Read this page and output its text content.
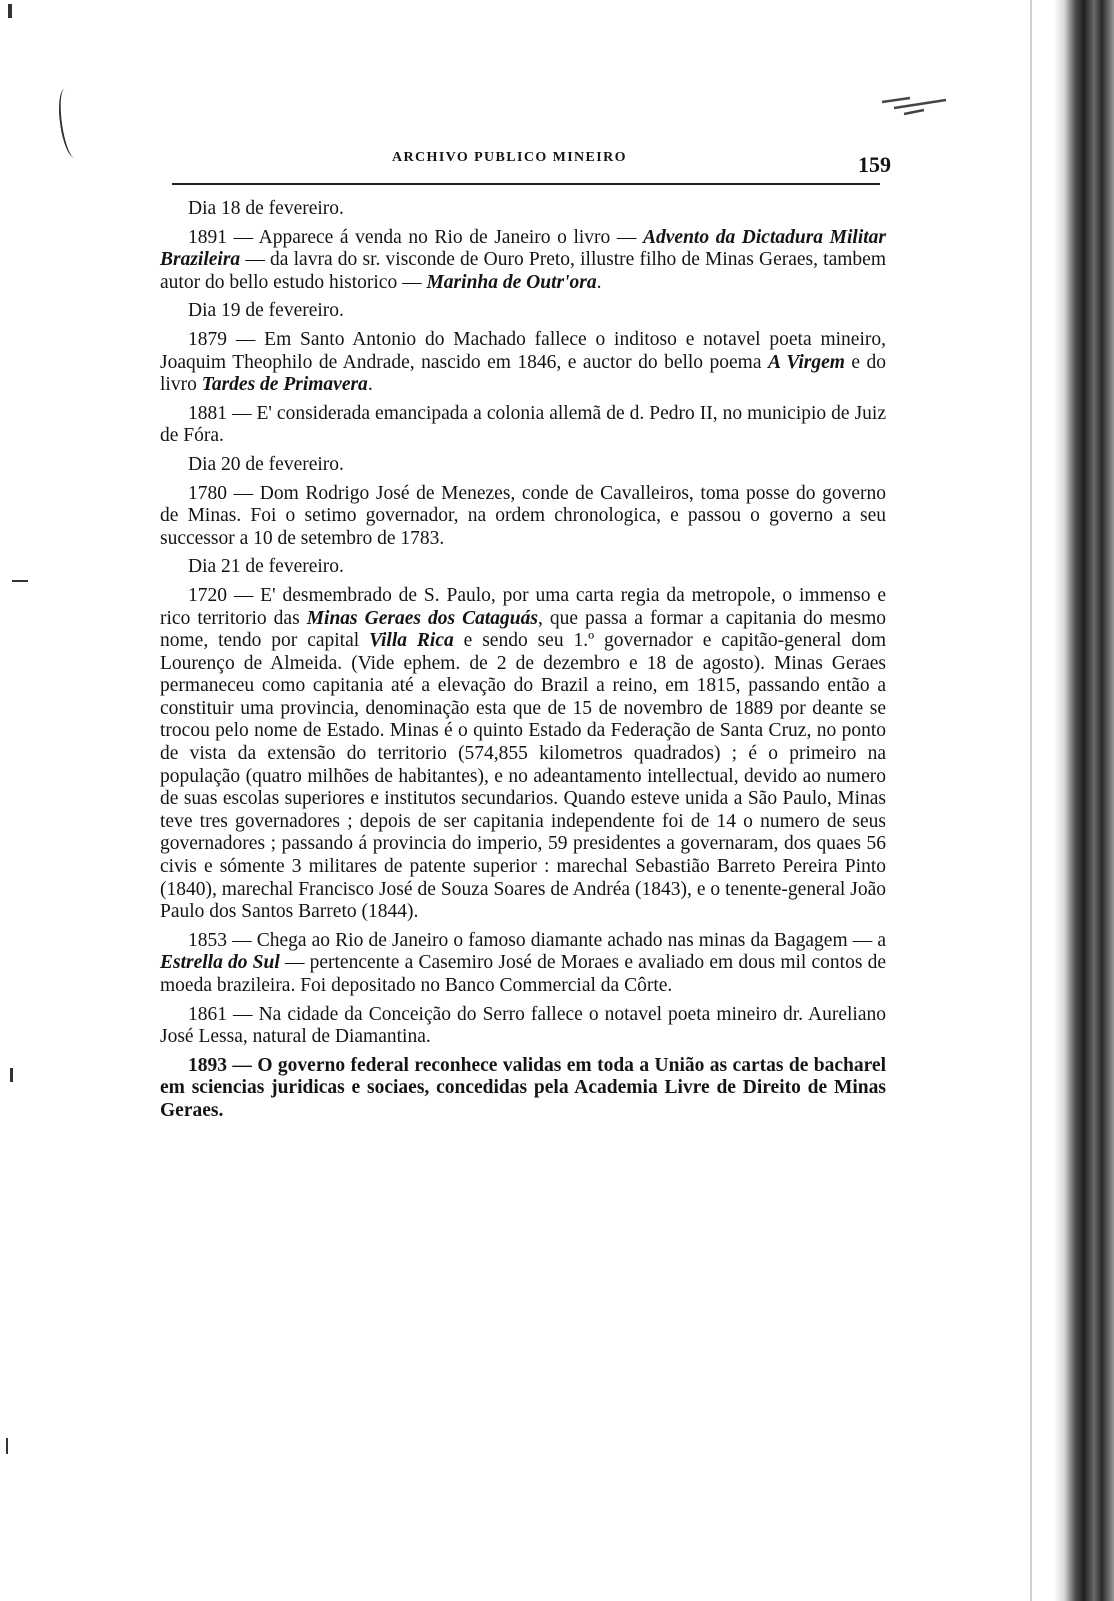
ARCHIVO PUBLICO MINEIRO	159

Dia 18 de fevereiro.

1891 — Apparece á venda no Rio de Janeiro o livro — Advento da Dictadura Militar Brazileira — da lavra do sr. visconde de Ouro Preto, illustre filho de Minas Geraes, tambem autor do bello estudo historico — Marinha de Outr'ora.

Dia 19 de fevereiro.

1879 — Em Santo Antonio do Machado fallece o inditoso e notavel poeta mineiro, Joaquim Theophilo de Andrade, nascido em 1846, e auctor do bello poema A Virgem e do livro Tardes de Primavera.

1881 — E' considerada emancipada a colonia allemã de d. Pedro II, no municipio de Juiz de Fóra.

Dia 20 de fevereiro.

1780 — Dom Rodrigo José de Menezes, conde de Cavalleiros, toma posse do governo de Minas. Foi o setimo governador, na ordem chronologica, e passou o governo a seu successor a 10 de setembro de 1783.

Dia 21 de fevereiro.

1720 — E' desmembrado de S. Paulo, por uma carta regia da metropole, o immenso e rico territorio das Minas Geraes dos Cataguás, que passa a formar a capitania do mesmo nome, tendo por capital Villa Rica e sendo seu 1.º governador e capitão-general dom Lourenço de Almeida. (Vide ephem. de 2 de dezembro e 18 de agosto). Minas Geraes permaneceu como capitania até a elevação do Brazil a reino, em 1815, passando então a constituir uma provincia, denominação esta que de 15 de novembro de 1889 por deante se trocou pelo nome de Estado. Minas é o quinto Estado da Federação de Santa Cruz, no ponto de vista da extensão do territorio (574,855 kilometros quadrados) ; é o primeiro na população (quatro milhões de habitantes), e no adeantamento intellectual, devido ao numero de suas escolas superiores e institutos secundarios. Quando esteve unida a São Paulo, Minas teve tres governadores ; depois de ser capitania independente foi de 14 o numero de seus governadores ; passando á provincia do imperio, 59 presidentes a governaram, dos quaes 56 civis e sómente 3 militares de patente superior : marechal Sebastião Barreto Pereira Pinto (1840), marechal Francisco José de Souza Soares de Andréa (1843), e o tenente-general João Paulo dos Santos Barreto (1844).

1853 — Chega ao Rio de Janeiro o famoso diamante achado nas minas da Bagagem — a Estrella do Sul — pertencente a Casemiro José de Moraes e avaliado em dous mil contos de moeda brazileira. Foi depositado no Banco Commercial da Côrte.

1861 — Na cidade da Conceição do Serro fallece o notavel poeta mineiro dr. Aureliano José Lessa, natural de Diamantina.

1893 — O governo federal reconhece validas em toda a União as cartas de bacharel em sciencias juridicas e sociaes, concedidas pela Academia Livre de Direito de Minas Geraes.
